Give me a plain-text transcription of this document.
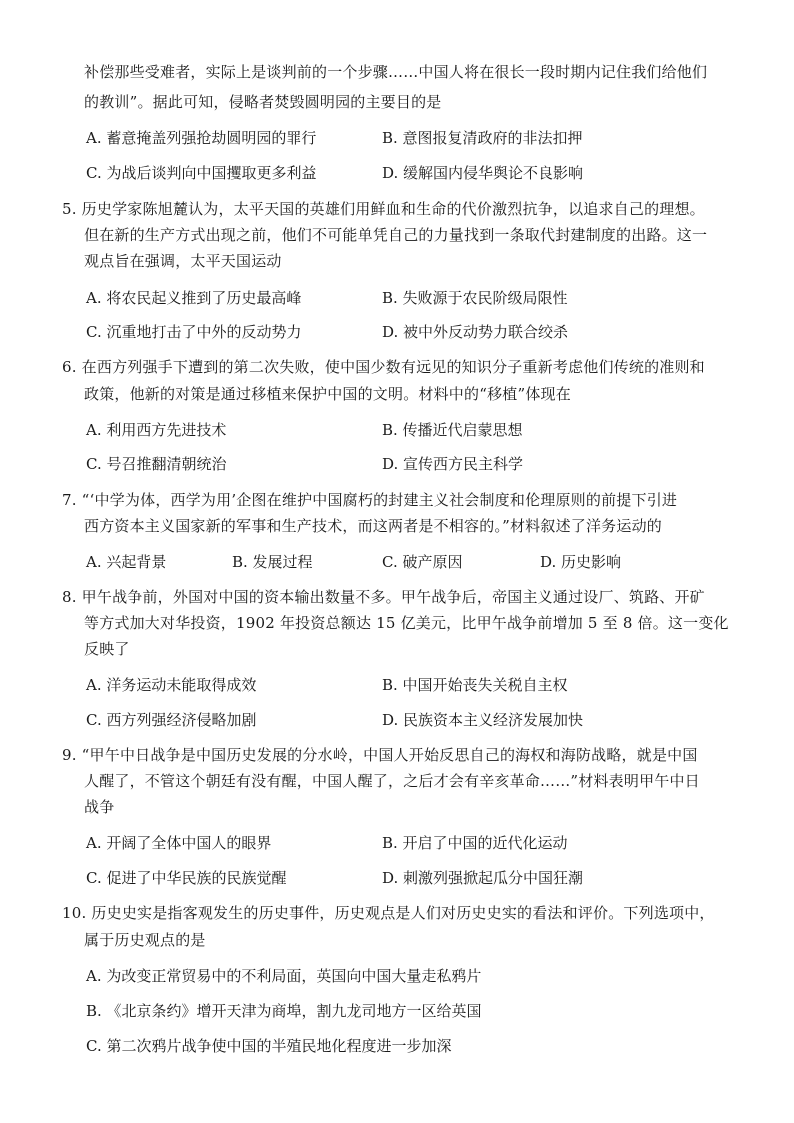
补偿那些受难者，实际上是谈判前的一个步骤……中国人将在很长一段时期内记住我们给他们
的教训”。据此可知，侵略者焚毁圆明园的主要目的是
A. 蓄意掩盖列强抢劫圆明园的罪行	B. 意图报复清政府的非法扣押
C. 为战后谈判向中国攫取更多利益	D. 缓解国内侵华舆论不良影响
5. 历史学家陈旭麓认为，太平天国的英雄们用鲜血和生命的代价激烈抗争，以追求自己的理想。
但在新的生产方式出现之前，他们不可能单凭自己的力量找到一条取代封建制度的出路。这一
观点旨在强调，太平天国运动
A. 将农民起义推到了历史最高峰	B. 失败源于农民阶级局限性
C. 沉重地打击了中外的反动势力	D. 被中外反动势力联合绞杀
6. 在西方列强手下遭到的第二次失败，使中国少数有远见的知识分子重新考虑他们传统的准则和
政策，他新的对策是通过移植来保护中国的文明。材料中的“移植”体现在
A. 利用西方先进技术	B. 传播近代启蒙思想
C. 号召推翻清朝统治	D. 宣传西方民主科学
7. “‘中学为体，西学为用’企图在维护中国腐朽的封建主义社会制度和伦理原则的前提下引进
西方资本主义国家新的军事和生产技术，而这两者是不相容的。”材料叙述了洋务运动的
A. 兴起背景	B. 发展过程	C. 破产原因	D. 历史影响
8. 甲午战争前，外国对中国的资本输出数量不多。甲午战争后，帝国主义通过设厂、筑路、开矿
等方式加大对华投资，1902 年投资总额达 15 亿美元，比甲午战争前增加 5 至 8 倍。这一变化
反映了
A. 洋务运动未能取得成效	B. 中国开始丧失关税自主权
C. 西方列强经济侵略加剧	D. 民族资本主义经济发展加快
9. “甲午中日战争是中国历史发展的分水岭，中国人开始反思自己的海权和海防战略，就是中国
人醒了，不管这个朝廷有没有醒，中国人醒了，之后才会有辛亥革命……”材料表明甲午中日
战争
A. 开阔了全体中国人的眼界	B. 开启了中国的近代化运动
C. 促进了中华民族的民族觉醒	D. 刺激列强掀起瓜分中国狂潮
10. 历史史实是指客观发生的历史事件，历史观点是人们对历史史实的看法和评价。下列选项中，
属于历史观点的是
A. 为改变正常贸易中的不利局面，英国向中国大量走私鸦片
B. 《北京条约》增开天津为商埠，割九龙司地方一区给英国
C. 第二次鸦片战争使中国的半殖民地化程度进一步加深
